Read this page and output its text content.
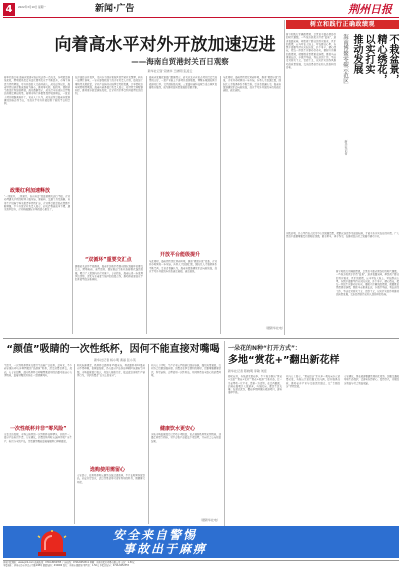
4	2022年3月10日 星期一	新闻·广告	荆州日报
向着高水平对外开放加速迈进
——海南自贸港封关百日观察
新华社记者 宋晓华 王晓明 张凌云
新华社海口电 海南自贸港全岛封关运作一百天来，各项政策落地见效，跨境贸易投资自由化便利化水平不断提升，市场主体活力持续释放，对外开放的大门越开越大。封关运作以来，海南坚持以制度集成创新为核心，推动零关税、低税率、简税制等政策红利加快释放。海关数据显示，封关后全岛进出口货物总值同比增长明显，新增市场主体数量保持较快增长，一批重大项目相继落地开工。业内人士认为，封关运作是海南自贸港建设的标志性节点，为高水平对外开放提供了新的平台和空间。
政策红利加速释放
“一线放开、二线管住、岛内自由”的监管模式运行平稳。企业办理通关手续的时间大幅压缩，原辅料、交通工具及游艇、自用生产设备等零关税清单持续扩容，企业享受政策的获得感不断增强。不少外贸企业负责人表示，封关后物流成本下降、通关效率提升，企业拓展国际市场的信心更足了。
在洋浦经济开发区，来自多个国家和地区的货轮往来频繁，码头一派繁忙景象。一家从事保税加工的企业负责人介绍，依托加工增值免关税政策，企业产品销往内地享受免税优惠，订单量较去年同期明显增加。海南省商务部门负责人表示，将持续完善配套制度，推动更多政策落地见效，让企业真正享受到开放带来的红利。
“双循环”重要交汇点
随着封关运作平稳推进，海南正加快打造国内国际双循环重要交汇点。跨境电商、离岸贸易、国际航运等新业态新模式蓬勃发展，吸引了大批国内外企业落户。专家指出，海南应进一步发挥区位优势，深化与东南亚等地区的经贸合作，推动形成更高水平的开放型经济新体制。
海南省发展改革部门数据显示，封关以来全省重点项目投资完成情况良好，一批产业链上下游项目加快集聚。博鳌乐城国际医疗旅游先行区、文昌国际航天城、三亚崖州湾科技城等重点园区发展势头强劲，成为推动高质量发展的重要引擎。
开放平台能级提升
与此同时，海南持续优化营商环境，推进“极简审批”改革，企业开办时间进一步压缩。各类人才加速汇聚，国际化人才服务体系不断完善。受访者普遍认为，海南自贸港建设正迈向新阶段，高水平对外开放的步伐将越走越稳、越走越快。
与此同时，海南持续优化营商环境，推进“极简审批”改革，企业开办时间进一步压缩。各类人才加速汇聚，国际化人才服务体系不断完善。受访者普遍认为，海南自贸港建设正迈向新阶段，高水平对外开放的步伐将越走越稳、越走越快。
（据新华社电）
树立和践行正确政绩观
不栽盆景，
精心绣花，
以实打实
推动发展
海南博鳌零碳示范区
新华社记者
树立和践行正确政绩观，是党员干部必须答好的时代课题。一些地方热衷于打造“盆景”，追求表面光鲜，却忽视了群众的真实需求。真正的政绩，应当写在大地上、写在群众心里。各级干部要坚持从实际出发，扑下身子、精心绣花，把每一件民生实事办好办实。要树立正确的政绩观，就要既重显绩更重潜绩，既抓当前更谋长远，多做打基础、利长远的工作，坚决反对形式主义、官僚主义，以实打实的作风推动高质量发展，交出经得起历史和人民检验的答卷。
实践证明，只有坚持以人民为中心的发展思想，把群众满意作为最高标准，才能干出实实在在的业绩。广大党员干部要增强责任感和使命感，敢于担当、善于作为，在推动经济社会发展中建功立业。
树立和践行正确政绩观，是党员干部必须答好的时代课题。一些地方热衷于打造“盆景”，追求表面光鲜，却忽视了群众的真实需求。真正的政绩，应当写在大地上、写在群众心里。各级干部要坚持从实际出发，扑下身子、精心绣花，把每一件民生实事办好办实。要树立正确的政绩观，就要既重显绩更重潜绩，既抓当前更谋长远，多做打基础、利长远的工作，坚决反对形式主义、官僚主义，以实打实的作风推动高质量发展，交出经得起历史和人民检验的答卷。
“颜值”吸睛的一次性纸杯，因何不能直接对嘴喝
新华社记者 杨小明 黄丽 张小英
生活中，一次性纸杯因其方便卫生而被广泛使用。近年来，不少商家推出印有各种图案的“高颜值”纸杯，深受消费者喜爱。然而，有专家提醒，部分纸杯杯口印刷图案使用的油墨可能含有有害物质，直接对嘴饮用存在一定健康风险。
一次性纸杯并非“零风险”
记者走访发现，市场上销售的一次性纸杯品种繁多，价格不一，部分产品标识不清。专家建议，消费者购买时应选择正规厂家生产、标识齐全的产品，尽量避免嘴唇直接接触杯口印刷部位。
相关标准规定，纸杯杯口距杯身15毫米内、杯底距杯身10毫米内不得印刷。但调查发现，仍有部分产品存在印刷区域超标等问题。市场监管部门表示，将加大抽检力度，依法查处违规生产销售行为，守护消费者“舌尖上的安全”。
选购使用需留心
专家提示，使用纸杯时应避免盛装过烫液体，不宜长时间存放饮品。家庭日常饮水，还是尽量使用可重复利用的杯具，既健康又环保。
业内人士呼吁，生产企业应严格执行国家标准，强化质量管控，行业协会也要加强自律。消费者在享受便利的同时，也要增强健康意识，科学选购、合理使用一次性用品，共同营造安全放心的消费环境。
健康饮水更安心
多地市场监管部门已启动专项检查，重点抽检纸杯荧光性物质、油墨迁移量等指标，对不合格产品依法下架处理，并向社会公布检查结果。
（据新华社电）
一朵花的N种“打开方式”：
多地“赏花+”翻出新花样
新华社记者 陈晓明 李敏 刘佳
春暖花开，各地迎来赏花季。不少地方推出“赏花+文旅”“赏花+农业”“赏花+夜游”等新业态，让一朵花带动一片产业、富裕一方百姓。在江西婺源，油菜花海吸引大批游客，当地民宿、餐饮生意火爆；在湖北武汉，樱花季期间推出夜游项目，游客络绎不绝。
业内人士表示，“赏花经济”正从单一观光向多元消费转变，各地应注重挖掘文化内涵，提升服务品质，推动花卉产业与文旅深度融合，让“美丽经济”持续绽放。
专家建议，赏花旅游要避免同质化竞争，加强交通疏导和生态保护，让游客玩得舒心、看得尽兴，实现经济效益与社会效益双赢。
安全来自警惕
事故出于麻痹
荆州日报网址：www.jzrb.com 新闻热线：0716-8452355 广告热线：0716-8452311 印刷：荆州日报社印务有限公司 定价：1.50元
本报地址：荆州市沙市区北京中路198号 邮政编码：434000 发行：荆州市邮政局 零售价：1.50元 本报总编室：0716-8452355
